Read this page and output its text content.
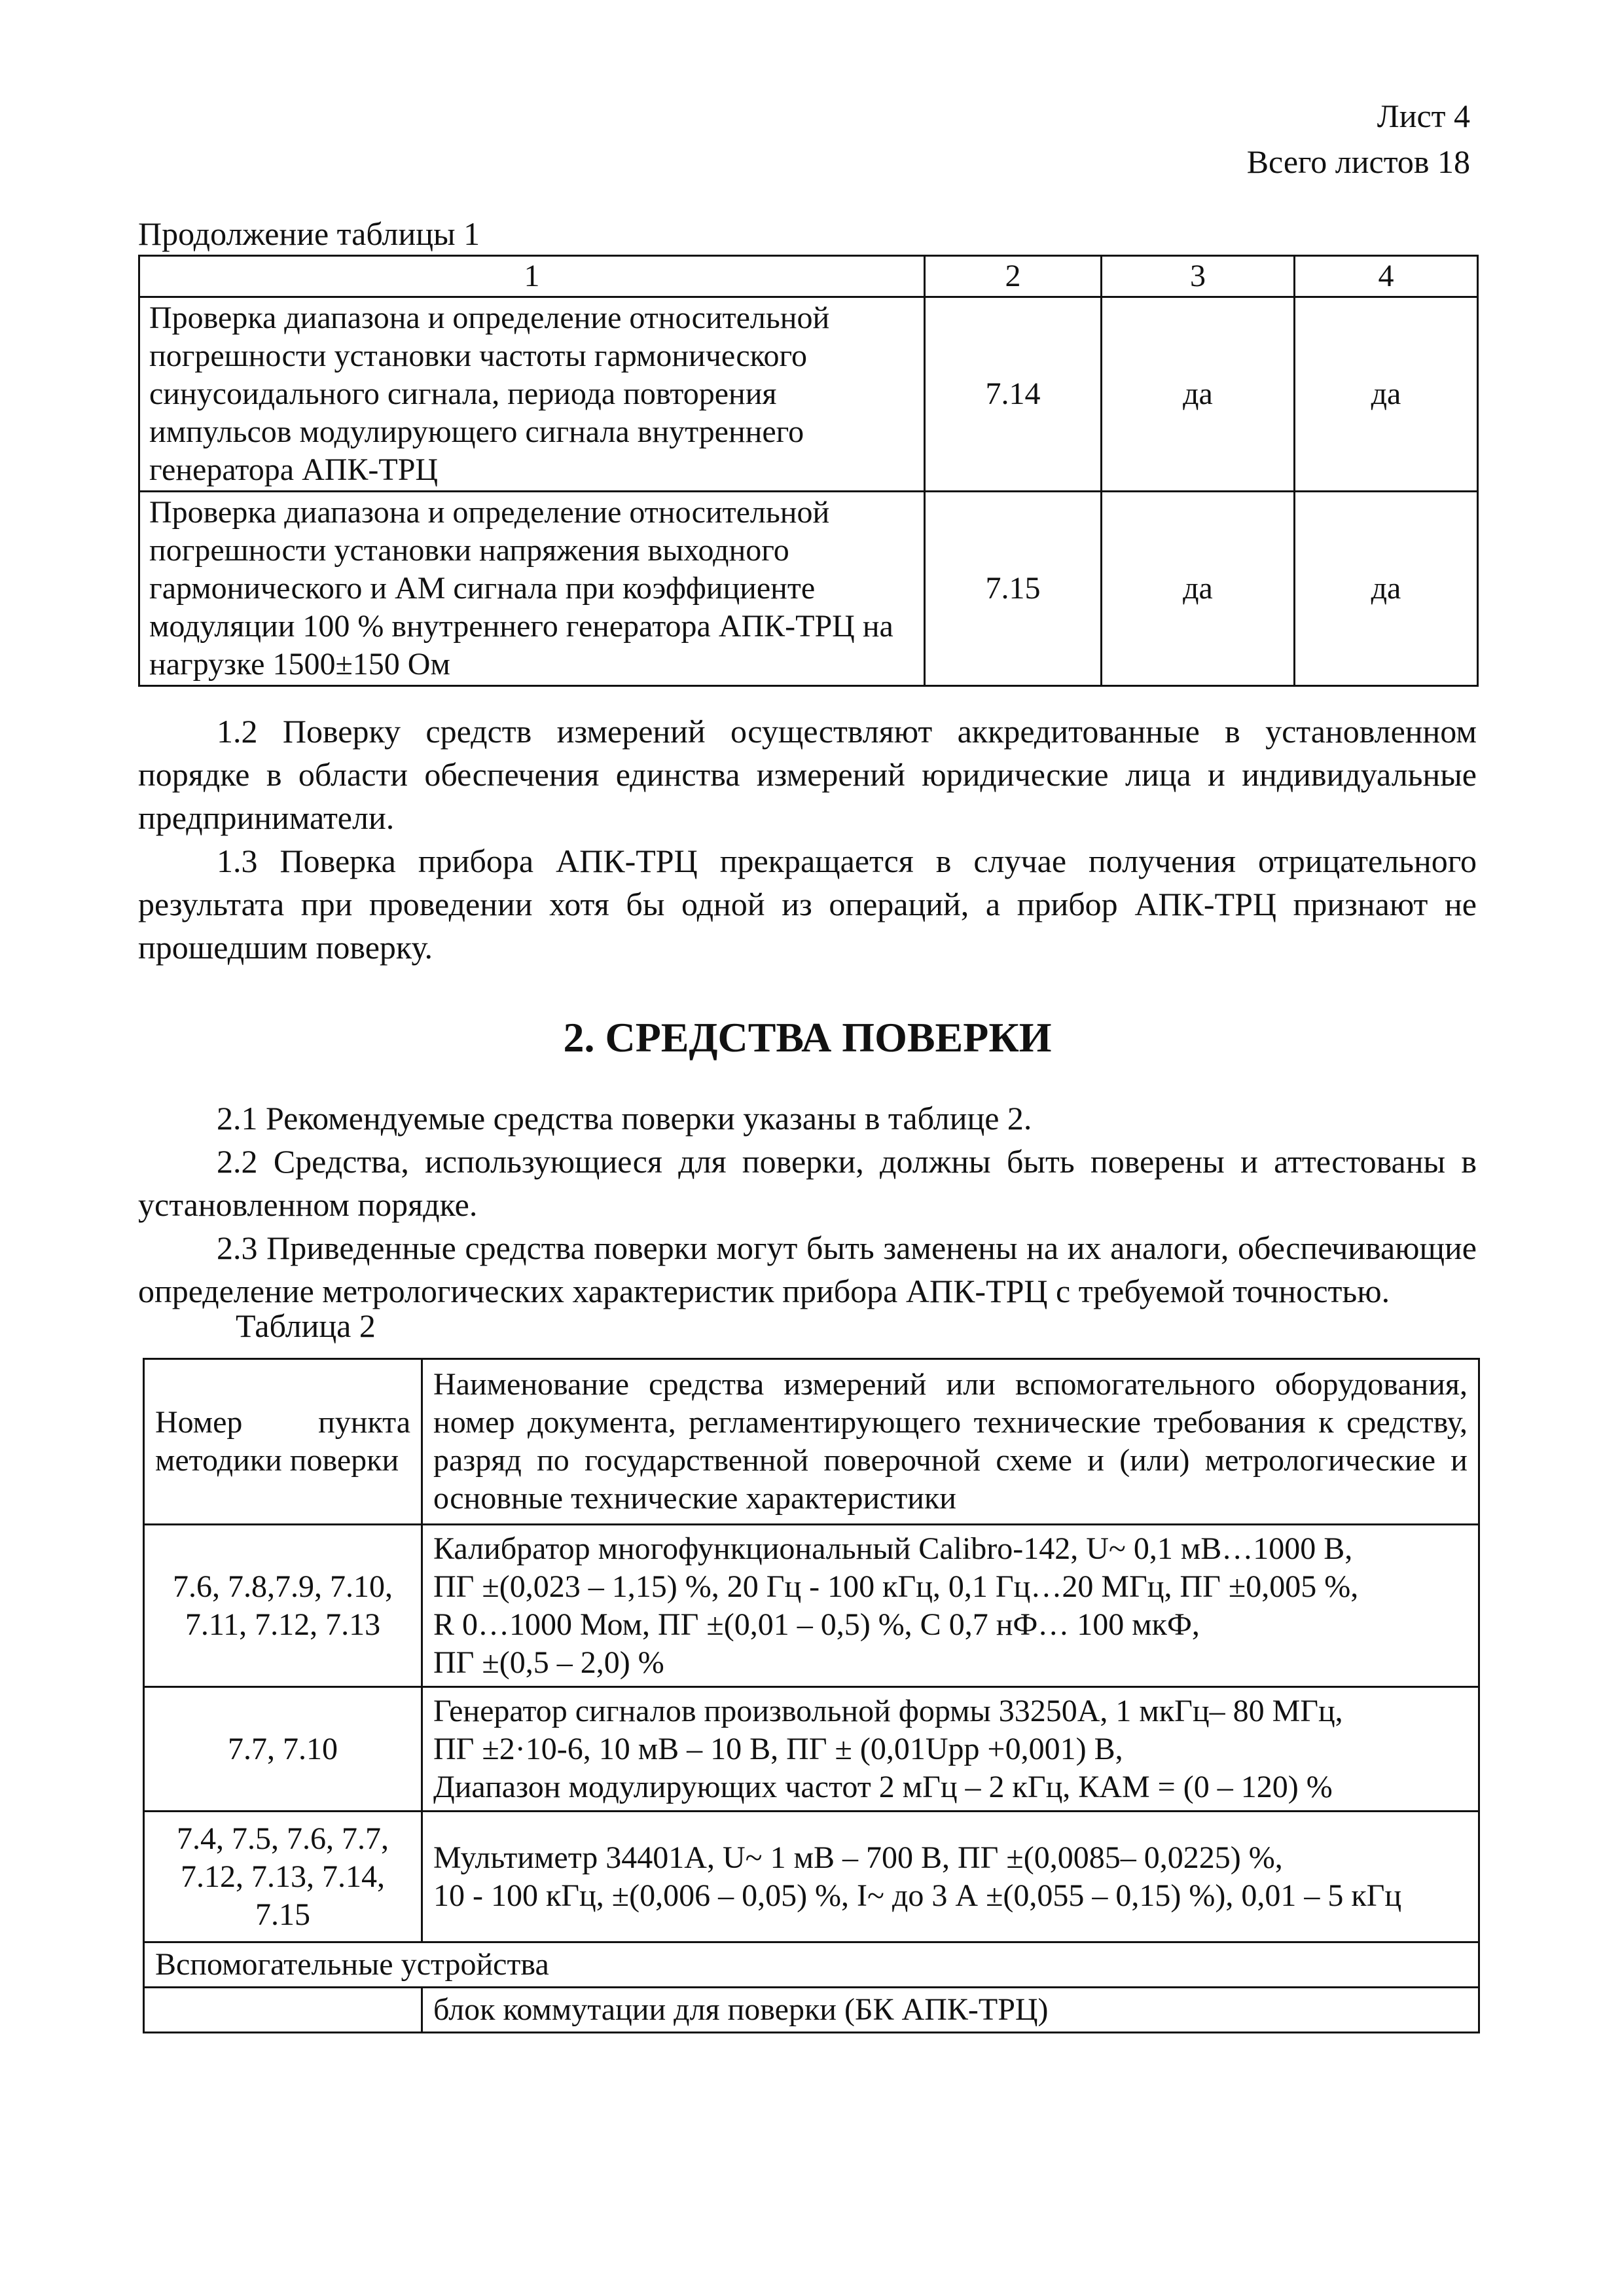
Лист 4
Всего листов 18
Продолжение таблицы 1
1	2	3	4
Проверка диапазона и определение относительной погрешности установки частоты гармонического синусоидального сигнала, периода повторения импульсов модулирующего сигнала внутреннего генератора АПК-ТРЦ	7.14	да	да
Проверка диапазона и определение относительной погрешности установки напряжения выходного гармонического и АМ сигнала при коэффициенте модуляции 100 % внутреннего генератора АПК-ТРЦ на нагрузке 1500±150 Ом	7.15	да	да

1.2 Поверку средств измерений осуществляют аккредитованные в установленном порядке в области обеспечения единства измерений юридические лица и индивидуальные предприниматели.

1.3 Поверка прибора АПК-ТРЦ прекращается в случае получения отрицательного результата при проведении хотя бы одной из операций, а прибор АПК-ТРЦ признают не прошедшим поверку.

2. СРЕДСТВА ПОВЕРКИ

2.1 Рекомендуемые средства поверки указаны в таблице 2.

2.2 Средства, использующиеся для поверки, должны быть поверены и аттестованы в установленном порядке.

2.3 Приведенные средства поверки могут быть заменены на их аналоги, обеспечивающие определение метрологических характеристик прибора АПК-ТРЦ с требуемой точностью.

Таблица 2
Номер пункта методики поверки	Наименование средства измерений или вспомогательного оборудования, номер документа, регламентирующего технические требования к средству, разряд по государственной поверочной схеме и (или) метрологические и основные технические характеристики
7.6, 7.8,7.9, 7.10, 7.11, 7.12, 7.13	Калибратор многофункциональный Calibro-142, U~ 0,1 мВ…1000 В,
ПГ ±(0,023 – 1,15) %, 20 Гц - 100 кГц, 0,1 Гц…20 МГц, ПГ ±0,005 %,
R 0…1000 Мом, ПГ ±(0,01 – 0,5) %, С 0,7 нФ… 100 мкФ,
ПГ ±(0,5 – 2,0) %

7.7, 7.10	Генератор сигналов произвольной формы 33250А, 1 мкГц– 80 МГц,
ПГ ±2·10-6, 10 мВ – 10 В, ПГ ± (0,01Upp +0,001) В,
Диапазон модулирующих частот 2 мГц – 2 кГц, КАМ = (0 – 120) %

7.4, 7.5, 7.6, 7.7, 7.12, 7.13, 7.14, 7.15	Мультиметр 34401А, U~ 1 мВ – 700 В, ПГ ±(0,0085– 0,0225) %,
10 - 100 кГц, ±(0,006 – 0,05) %, I~ до 3 А ±(0,055 – 0,15) %), 0,01 – 5 кГц

Вспомогательные устройства	
	блок коммутации для поверки (БК АПК-ТРЦ)
